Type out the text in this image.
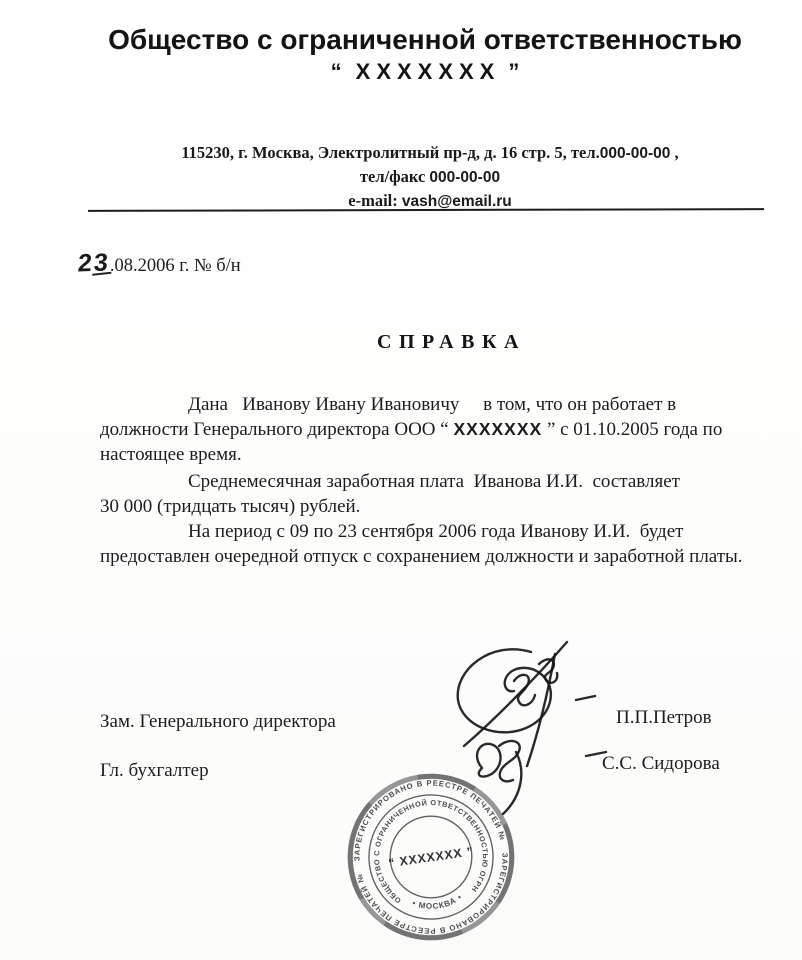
Общество с ограниченной ответственностью
“ XXXXXXX ”
115230, г. Москва, Электролитный пр-д, д. 16 стр. 5, тел.000-00-00 ,
тел/факс 000-00-00
e-mail: vash@email.ru
23.08.2006 г. № б/н
СПРАВКА
Дана   Иванову Ивану Ивановичу     в том, что он работает в
должности Генерального директора ООО “ XXXXXXX ” с 01.10.2005 года по
настоящее время.
Среднемесячная заработная плата  Иванова И.И.  составляет
30 000 (тридцать тысяч) рублей.
На период с 09 по 23 сентября 2006 года Иванову И.И.  будет
предоставлен очередной отпуск с сохранением должности и заработной платы.
Зам. Генерального директора	П.П.Петров
Гл. бухгалтер	С.С. Сидорова
ЗАРЕГИСТРИРОВАНО В РЕЕСТРЕ ПЕЧАТЕЙ №
ЗАРЕГИСТРИРОВАНО В РЕЕСТРЕ ПЕЧАТЕЙ №
ОБЩЕСТВО С ОГРАНИЧЕННОЙ ОТВЕТСТВЕННОСТЬЮ ОГРН
• МОСКВА •
“ XXXXXXX ”
